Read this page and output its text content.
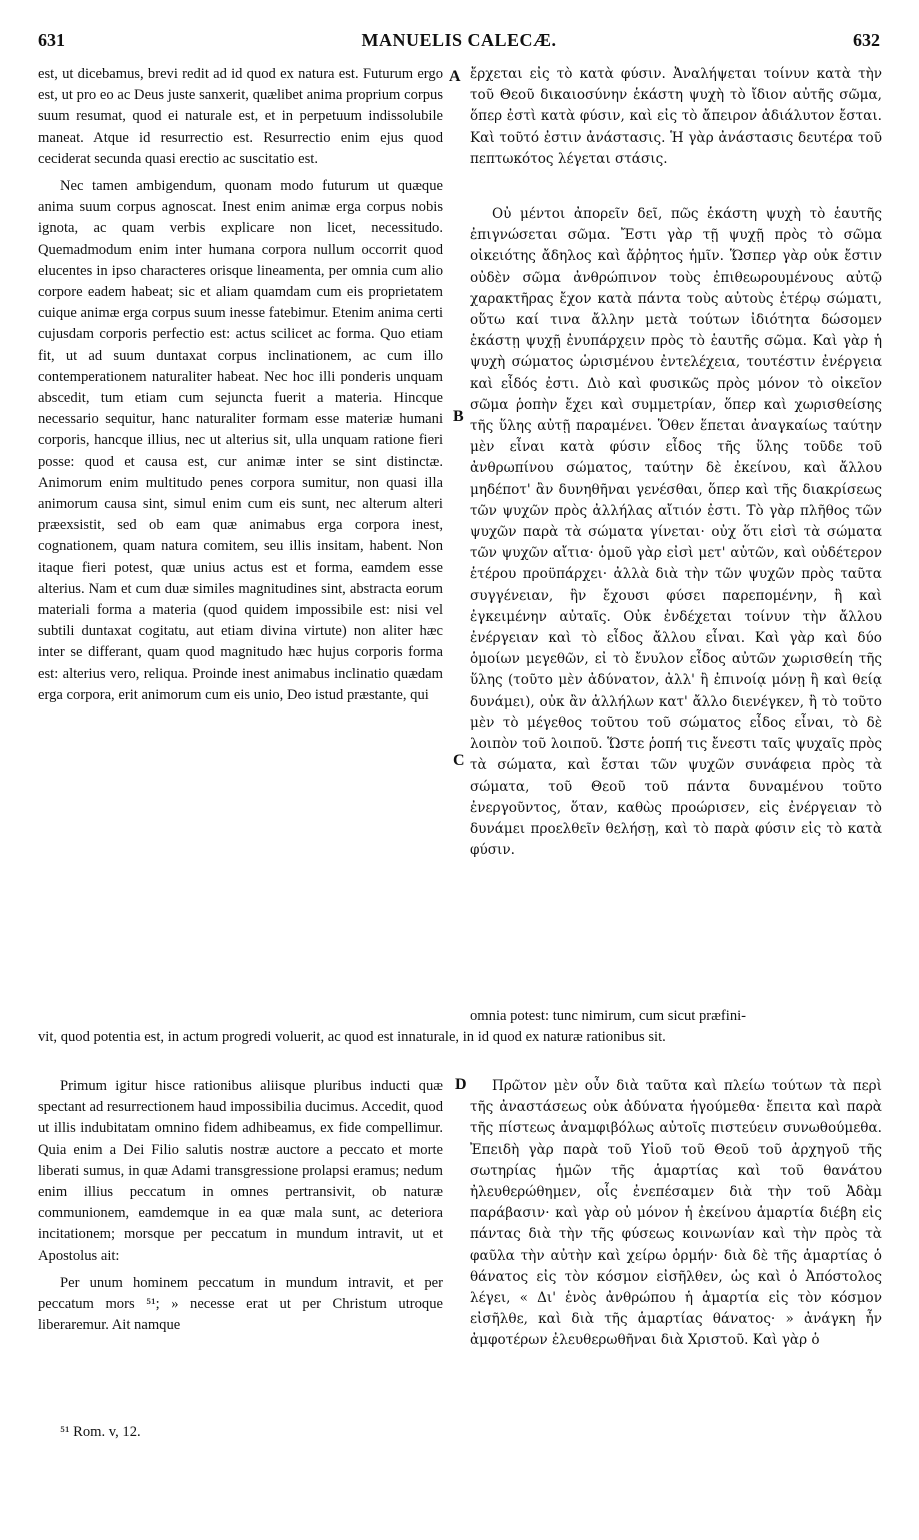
631	MANUELIS CALECÆ.	632
A
B
C
D

est, ut dicebamus, brevi redit ad id quod ex natura est. Futurum ergo est, ut pro eo ac Deus juste sanxerit, quælibet anima proprium corpus suum resumat, quod ei naturale est, et in perpetuum indissolubile maneat. Atque id resurrectio est. Resurrectio enim ejus quod ceciderat secunda quasi erectio ac suscitatio est.

Nec tamen ambigendum, quonam modo futurum ut quæque anima suum corpus agnoscat. Inest enim animæ erga corpus nobis ignota, ac quam verbis explicare non licet, necessitudo. Quemadmodum enim inter humana corpora nullum occorrit quod elucentes in ipso characteres orisque lineamenta, per omnia cum alio corpore eadem habeat; sic et aliam quamdam cum eis proprietatem cuique animæ erga corpus suum inesse fatebimur. Etenim anima certi cujusdam corporis perfectio est: actus scilicet ac forma. Quo etiam fit, ut ad suum duntaxat corpus inclinationem, ac cum illo contemperationem naturaliter habeat. Nec hoc illi ponderis unquam abscedit, tum etiam cum sejuncta fuerit a materia. Hincque necessario sequitur, hanc naturaliter formam esse materiæ humani corporis, hancque illius, nec ut alterius sit, ulla unquam ratione fieri posse: quod et causa est, cur animæ inter se sint distinctæ. Animorum enim multitudo penes corpora sumitur, non quasi illa animorum causa sint, simul enim cum eis sunt, nec alterum alteri præexsistit, sed ob eam quæ animabus erga corpora inest, cognationem, quam natura comitem, seu illis insitam, habent. Non itaque fieri potest, quæ unius actus est et forma, eamdem esse alterius. Nam et cum duæ similes magnitudines sint, abstracta eorum materiali forma a materia (quod quidem impossibile est: nisi vel subtili duntaxat cogitatu, aut etiam divina virtute) non aliter hæc inter se differant, quam quod magnitudo hæc hujus corporis forma est: alterius vero, reliqua. Proinde inest animabus inclinatio quædam erga corpora, erit animorum cum eis unio, Deo istud præstante, qui

ἔρχεται εἰς τὸ κατὰ φύσιν. Ἀναλήψεται τοίνυν κατὰ τὴν τοῦ Θεοῦ δικαιοσύνην ἑκάστη ψυχὴ τὸ ἴδιον αὐτῆς σῶμα, ὅπερ ἐστὶ κατὰ φύσιν, καὶ εἰς τὸ ἄπειρον ἀδιάλυτον ἔσται. Καὶ τοῦτό ἐστιν ἀνάστασις. Ἡ γὰρ ἀνάστασις δευτέρα τοῦ πεπτωκότος λέγεται στάσις.

Οὐ μέντοι ἀπορεῖν δεῖ, πῶς ἑκάστη ψυχὴ τὸ ἑαυτῆς ἐπιγνώσεται σῶμα. Ἔστι γὰρ τῇ ψυχῇ πρὸς τὸ σῶμα οἰκειότης ἄδηλος καὶ ἄῤῥητος ἡμῖν. Ὥσπερ γὰρ οὐκ ἔστιν οὐδὲν σῶμα ἀνθρώπινον τοὺς ἐπιθεωρουμένους αὐτῷ χαρακτῆρας ἔχον κατὰ πάντα τοὺς αὐτοὺς ἑτέρῳ σώματι, οὕτω καί τινα ἄλλην μετὰ τούτων ἰδιότητα δώσομεν ἑκάστῃ ψυχῇ ἐνυπάρχειν πρὸς τὸ ἑαυτῆς σῶμα. Καὶ γὰρ ἡ ψυχὴ σώματος ὡρισμένου ἐντελέχεια, τουτέστιν ἐνέργεια καὶ εἶδός ἐστι. Διὸ καὶ φυσικῶς πρὸς μόνον τὸ οἰκεῖον σῶμα ῥοπὴν ἔχει καὶ συμμετρίαν, ὅπερ καὶ χωρισθείσης τῆς ὕλης αὐτῇ παραμένει. Ὅθεν ἕπεται ἀναγκαίως ταύτην μὲν εἶναι κατὰ φύσιν εἶδος τῆς ὕλης τοῦδε τοῦ ἀνθρωπίνου σώματος, ταύτην δὲ ἐκείνου, καὶ ἄλλου μηδέποτ' ἂν δυνηθῆναι γενέσθαι, ὅπερ καὶ τῆς διακρίσεως τῶν ψυχῶν πρὸς ἀλλήλας αἴτιόν ἐστι. Τὸ γὰρ πλῆθος τῶν ψυχῶν παρὰ τὰ σώματα γίνεται· οὐχ ὅτι εἰσὶ τὰ σώματα τῶν ψυχῶν αἴτια· ὁμοῦ γὰρ εἰσὶ μετ' αὐτῶν, καὶ οὐδέτερον ἑτέρου προϋπάρχει· ἀλλὰ διὰ τὴν τῶν ψυχῶν πρὸς ταῦτα συγγένειαν, ἣν ἔχουσι φύσει παρεπομένην, ἢ καὶ ἐγκειμένην αὐταῖς. Οὐκ ἐνδέχεται τοίνυν τὴν ἄλλου ἐνέργειαν καὶ τὸ εἶδος ἄλλου εἶναι. Καὶ γὰρ καὶ δύο ὁμοίων μεγεθῶν, εἰ τὸ ἔνυλον εἶδος αὐτῶν χωρισθείη τῆς ὕλης (τοῦτο μὲν ἀδύνατον, ἀλλ' ἢ ἐπινοίᾳ μόνῃ ἢ καὶ θείᾳ δυνάμει), οὐκ ἂν ἀλλήλων κατ' ἄλλο διενέγκεν, ἢ τὸ τοῦτο μὲν τὸ μέγεθος τοῦτου τοῦ σώματος εἶδος εἶναι, τὸ δὲ λοιπὸν τοῦ λοιποῦ. Ὥστε ῥοπή τις ἔνεστι ταῖς ψυχαῖς πρὸς τὰ σώματα, καὶ ἔσται τῶν ψυχῶν συνάφεια πρὸς τὰ σώματα, τοῦ Θεοῦ τοῦ πάντα δυναμένου τοῦτο ἐνεργοῦντος, ὅταν, καθὼς προώρισεν, εἰς ἐνέργειαν τὸ δυνάμει προελθεῖν θελήσῃ, καὶ τὸ παρὰ φύσιν εἰς τὸ κατὰ φύσιν.

omnia potest: tunc nimirum, cum sicut præfini-
vit, quod potentia est, in actum progredi voluerit, ac quod est innaturale, in id quod ex naturæ rationibus sit.

Primum igitur hisce rationibus aliisque pluribus inducti quæ spectant ad resurrectionem haud impossibilia ducimus. Accedit, quod ut illis indubitatam omnino fidem adhibeamus, ex fide compellimur. Quia enim a Dei Filio salutis nostræ auctore a peccato et morte liberati sumus, in quæ Adami transgressione prolapsi eramus; nedum enim illius peccatum in omnes pertransivit, ob naturæ communionem, eamdemque in ea quæ mala sunt, ac deteriora incitationem; morsque per peccatum in mundum intravit, ut et Apostolus ait:

Per unum hominem peccatum in mundum intravit, et per peccatum mors ⁵¹; » necesse erat ut per Christum utroque liberaremur. Ait namque

Πρῶτον μὲν οὖν διὰ ταῦτα καὶ πλείω τούτων τὰ περὶ τῆς ἀναστάσεως οὐκ ἀδύνατα ἡγούμεθα· ἔπειτα καὶ παρὰ τῆς πίστεως ἀναμφιβόλως αὐτοῖς πιστεύειν συνωθούμεθα. Ἐπειδὴ γὰρ παρὰ τοῦ Υἱοῦ τοῦ Θεοῦ τοῦ ἀρχηγοῦ τῆς σωτηρίας ἡμῶν τῆς ἁμαρτίας καὶ τοῦ θανάτου ἠλευθερώθημεν, οἷς ἐνεπέσαμεν διὰ τὴν τοῦ Ἀδὰμ παράβασιν· καὶ γὰρ οὐ μόνον ἡ ἐκείνου ἁμαρτία διέβη εἰς πάντας διὰ τὴν τῆς φύσεως κοινωνίαν καὶ τὴν πρὸς τὰ φαῦλα τὴν αὐτὴν καὶ χείρω ὁρμήν· διὰ δὲ τῆς ἁμαρτίας ὁ θάνατος εἰς τὸν κόσμον εἰσῆλθεν, ὡς καὶ ὁ Ἀπόστολος λέγει, « Δι' ἑνὸς ἀνθρώπου ἡ ἁμαρτία εἰς τὸν κόσμον εἰσῆλθε, καὶ διὰ τῆς ἁμαρτίας θάνατος· » ἀνάγκη ἦν ἀμφοτέρων ἐλευθερωθῆναι διὰ Χριστοῦ. Καὶ γὰρ ὁ

⁵¹ Rom. v, 12.
